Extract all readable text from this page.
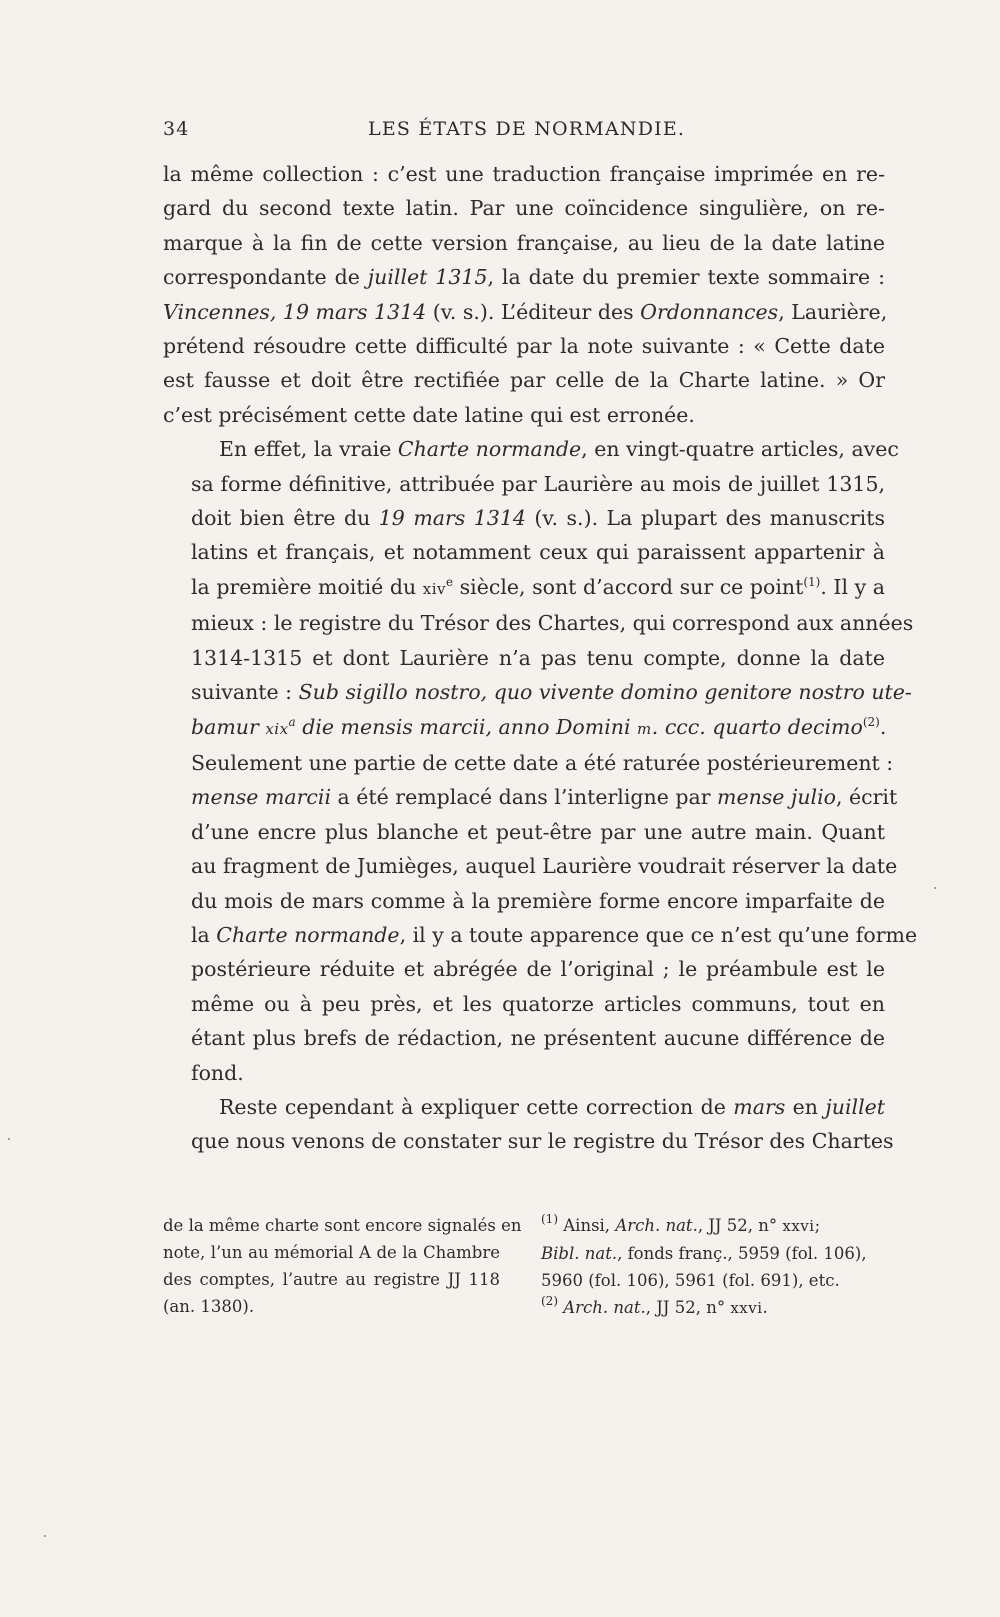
34	LES ÉTATS DE NORMANDIE.

la même collection : c’est une traduction française imprimée en re-
gard du second texte latin. Par une coïncidence singulière, on re-
marque à la fin de cette version française, au lieu de la date latine
correspondante de juillet 1315, la date du premier texte sommaire :
Vincennes, 19 mars 1314 (v. s.). L’éditeur des Ordonnances, Laurière,
prétend résoudre cette difficulté par la note suivante : « Cette date
est fausse et doit être rectifiée par celle de la Charte latine. » Or
c’est précisément cette date latine qui est erronée.

En effet, la vraie Charte normande, en vingt-quatre articles, avec
sa forme définitive, attribuée par Laurière au mois de juillet 1315,
doit bien être du 19 mars 1314 (v. s.). La plupart des manuscrits
latins et français, et notamment ceux qui paraissent appartenir à
la première moitié du xiv$^e$ siècle, sont d’accord sur ce point$^{(1)}$. Il y a
mieux : le registre du Trésor des Chartes, qui correspond aux années
1314-1315 et dont Laurière n’a pas tenu compte, donne la date
suivante : Sub sigillo nostro, quo vivente domino genitore nostro ute-
bamur xix$^a$ die mensis marcii, anno Domini m. ccc. quarto decimo$^{(2)}$.
Seulement une partie de cette date a été raturée postérieurement :
mense marcii a été remplacé dans l’interligne par mense julio, écrit
d’une encre plus blanche et peut-être par une autre main. Quant
au fragment de Jumièges, auquel Laurière voudrait réserver la date
du mois de mars comme à la première forme encore imparfaite de
la Charte normande, il y a toute apparence que ce n’est qu’une forme
postérieure réduite et abrégée de l’original ; le préambule est le
même ou à peu près, et les quatorze articles communs, tout en
étant plus brefs de rédaction, ne présentent aucune différence de
fond.

Reste cependant à expliquer cette correction de mars en juillet
que nous venons de constater sur le registre du Trésor des Chartes

de la même charte sont encore signalés en
note, l’un au mémorial A de la Chambre
des comptes, l’autre au registre JJ 118
(an. 1380).
$^{(1)}$ Ainsi, Arch. nat., JJ 52, n° xxvi;
Bibl. nat., fonds franç., 5959 (fol. 106),
5960 (fol. 106), 5961 (fol. 691), etc.
$^{(2)}$ Arch. nat., JJ 52, n° xxvi.
